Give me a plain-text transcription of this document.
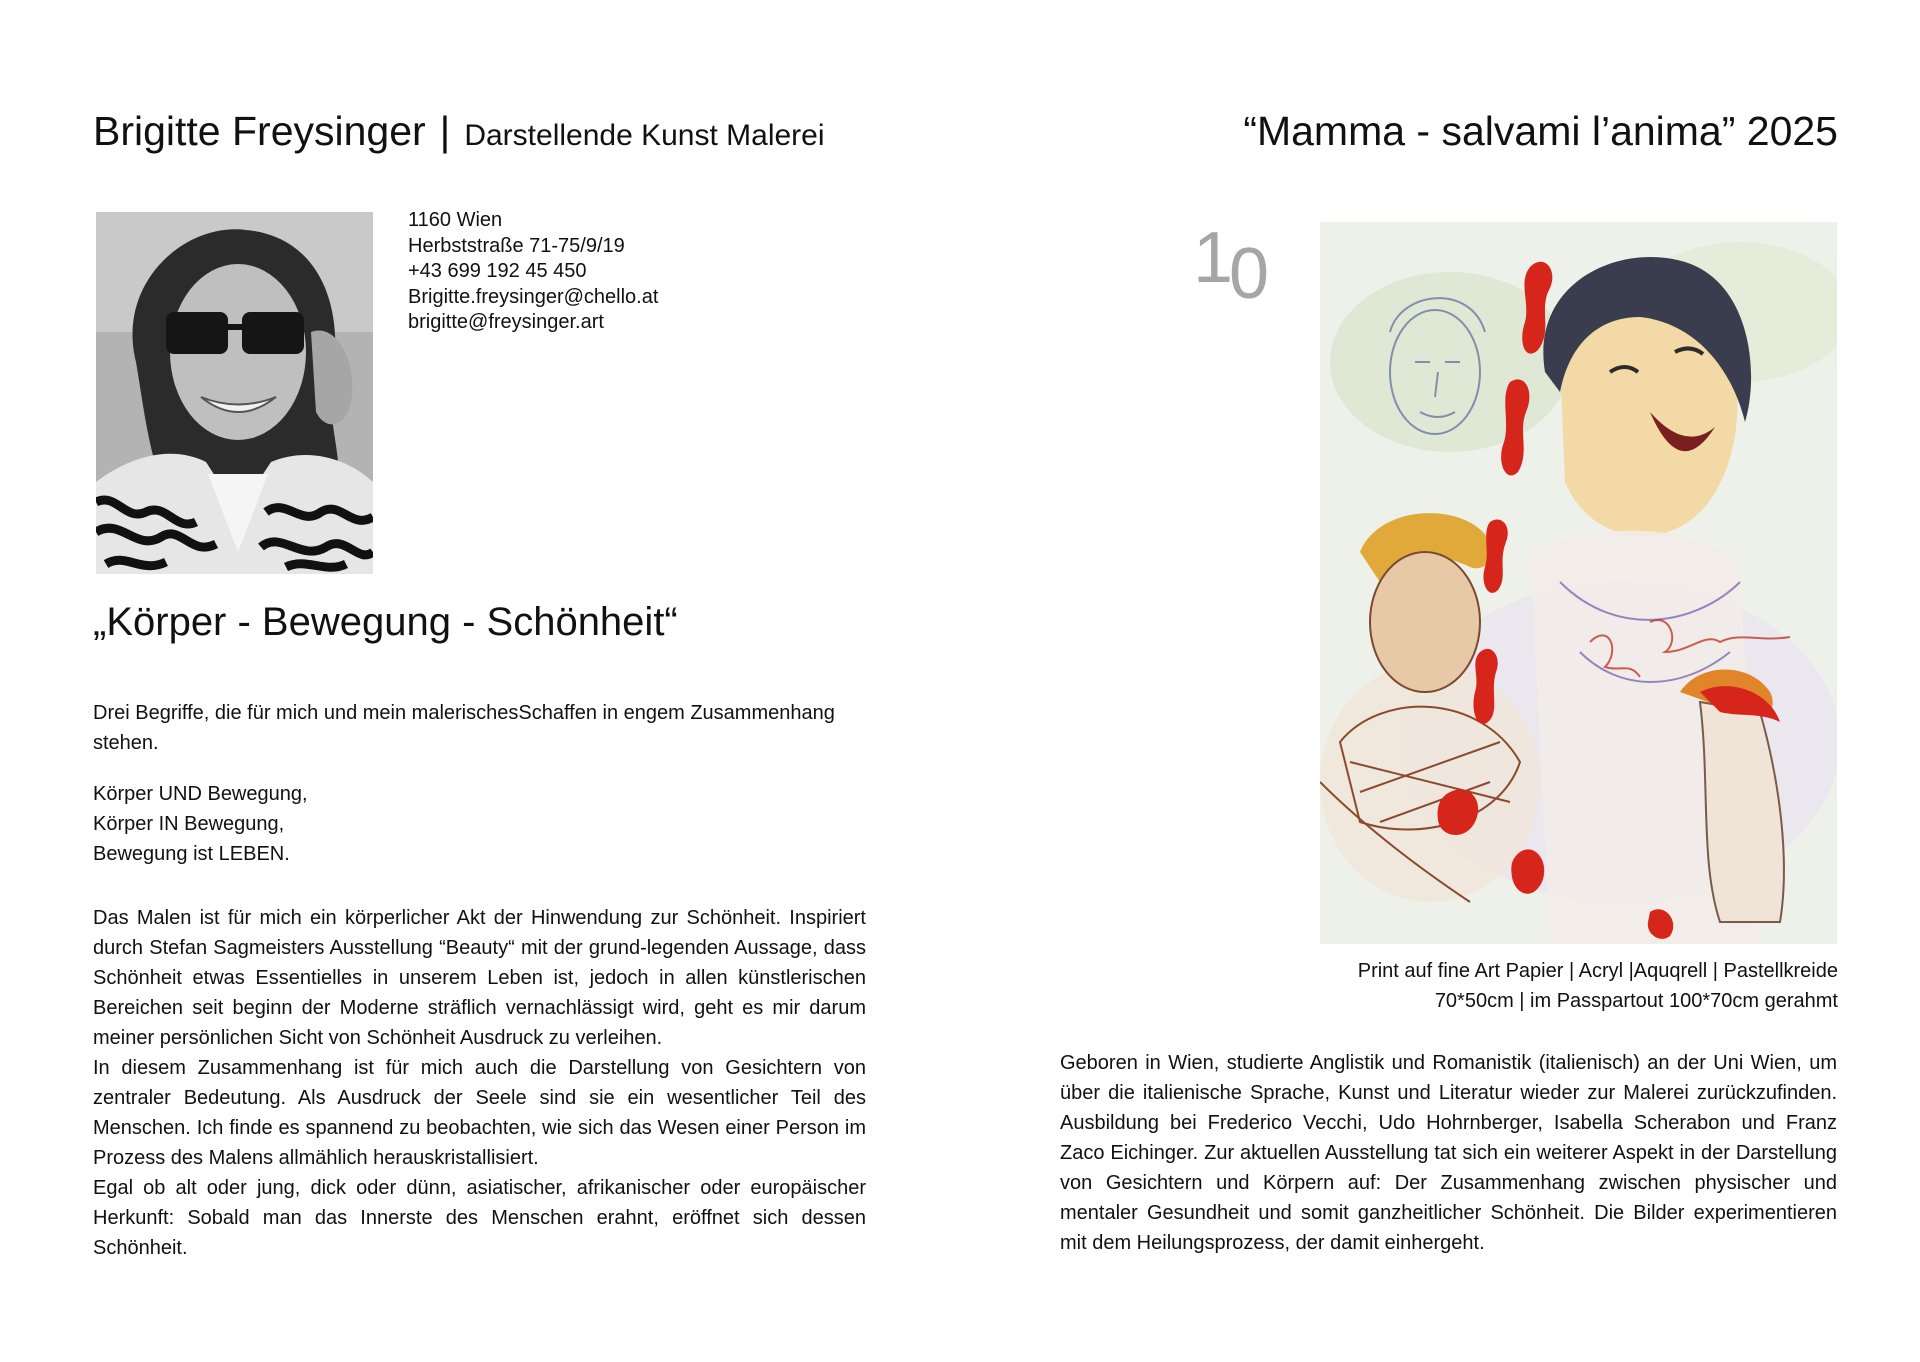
Brigitte Freysinger | Darstellende Kunst Malerei
1160 Wien
Herbststraße 71-75/9/19
+43 699 192 45 450
Brigitte.freysinger@chello.at
brigitte@freysinger.art
„Körper - Bewegung - Schönheit“
Drei Begriffe, die für mich und mein malerischesSchaffen in engem Zusammenhang stehen.
Körper UND Bewegung,
Körper IN Bewegung,
Bewegung ist LEBEN.

Das Malen ist für mich ein körperlicher Akt der Hinwendung zur Schönheit. Inspiriert durch Stefan Sagmeisters Ausstellung “Beauty“ mit der grund-legenden Aussage, dass Schönheit etwas Essentielles in unserem Leben ist, jedoch in allen künstlerischen Bereichen seit beginn der Moderne sträflich vernachlässigt wird, geht es mir darum meiner persönlichen Sicht von Schönheit Ausdruck zu verleihen.

In diesem Zusammenhang ist für mich auch die Darstellung von Gesichtern von zentraler Bedeutung. Als Ausdruck der Seele sind sie ein wesentlicher Teil des Menschen. Ich finde es spannend zu beobachten, wie sich das Wesen einer Person im Prozess des Malens allmählich herauskristallisiert.

Egal ob alt oder jung, dick oder dünn, asiatischer, afrikanischer oder europäischer Herkunft: Sobald man das Innerste des Menschen erahnt, eröffnet sich dessen Schönheit.

“Mamma - salvami l’anima” 2025
10
Print auf fine Art Papier | Acryl |Aquqrell | Pastellkreide
70*50cm | im Passpartout 100*70cm gerahmt
Geboren in Wien, studierte Anglistik und Romanistik (italienisch) an der Uni Wien, um über die italienische Sprache, Kunst und Literatur wieder zur Malerei zurückzufinden. Ausbildung bei Frederico Vecchi, Udo Hohrnberger, Isabella Scherabon und Franz Zaco Eichinger. Zur aktuellen Ausstellung tat sich ein weiterer Aspekt in der Darstellung von Gesichtern und Körpern auf: Der Zusammenhang zwischen physischer und mentaler Gesundheit und somit ganzheitlicher Schönheit. Die Bilder experimentieren mit dem Heilungsprozess, der damit einhergeht.
